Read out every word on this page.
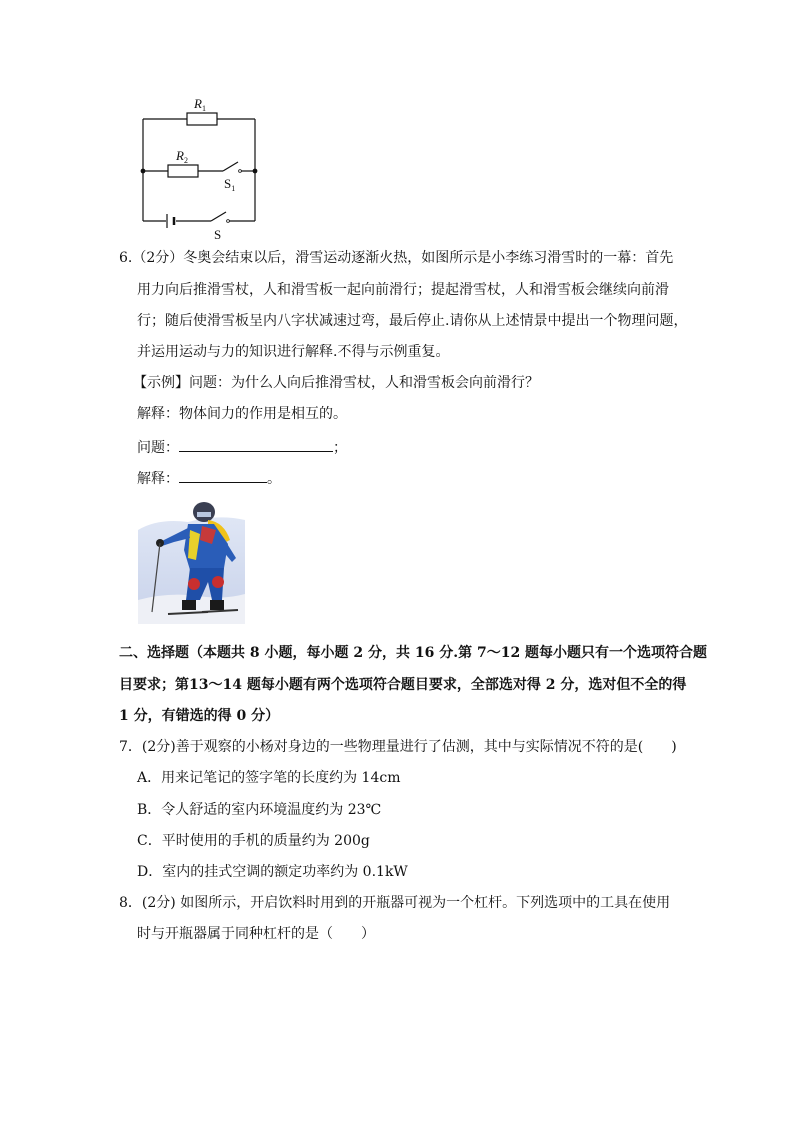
$R_1$
$R_2$
$S_1$
S
6.（2分）冬奥会结束以后，滑雪运动逐渐火热，如图所示是小李练习滑雪时的一幕：首先
用力向后推滑雪杖，人和滑雪板一起向前滑行；提起滑雪杖，人和滑雪板会继续向前滑
行；随后使滑雪板呈内八字状减速过弯，最后停止.请你从上述情景中提出一个物理问题，
并运用运动与力的知识进行解释.不得与示例重复。
【示例】问题：为什么人向后推滑雪杖，人和滑雪板会向前滑行？
解释：物体间力的作用是相互的。
问题：	；
解释：	。
二、选择题（本题共 8 小题，每小题 2 分，共 16 分.第 7～12 题每小题只有一个选项符合题
目要求；第13～14 题每小题有两个选项符合题目要求，全部选对得 2 分，选对但不全的得
1 分，有错选的得 0 分）
7．(2分)善于观察的小杨对身边的一些物理量进行了估测，其中与实际情况不符的是(　　)
A．用来记笔记的签字笔的长度约为 14cm
B．令人舒适的室内环境温度约为 23℃
C．平时使用的手机的质量约为 200g
D．室内的挂式空调的额定功率约为 0.1kW
8．(2分) 如图所示，开启饮料时用到的开瓶器可视为一个杠杆。下列选项中的工具在使用
时与开瓶器属于同种杠杆的是（　　）
